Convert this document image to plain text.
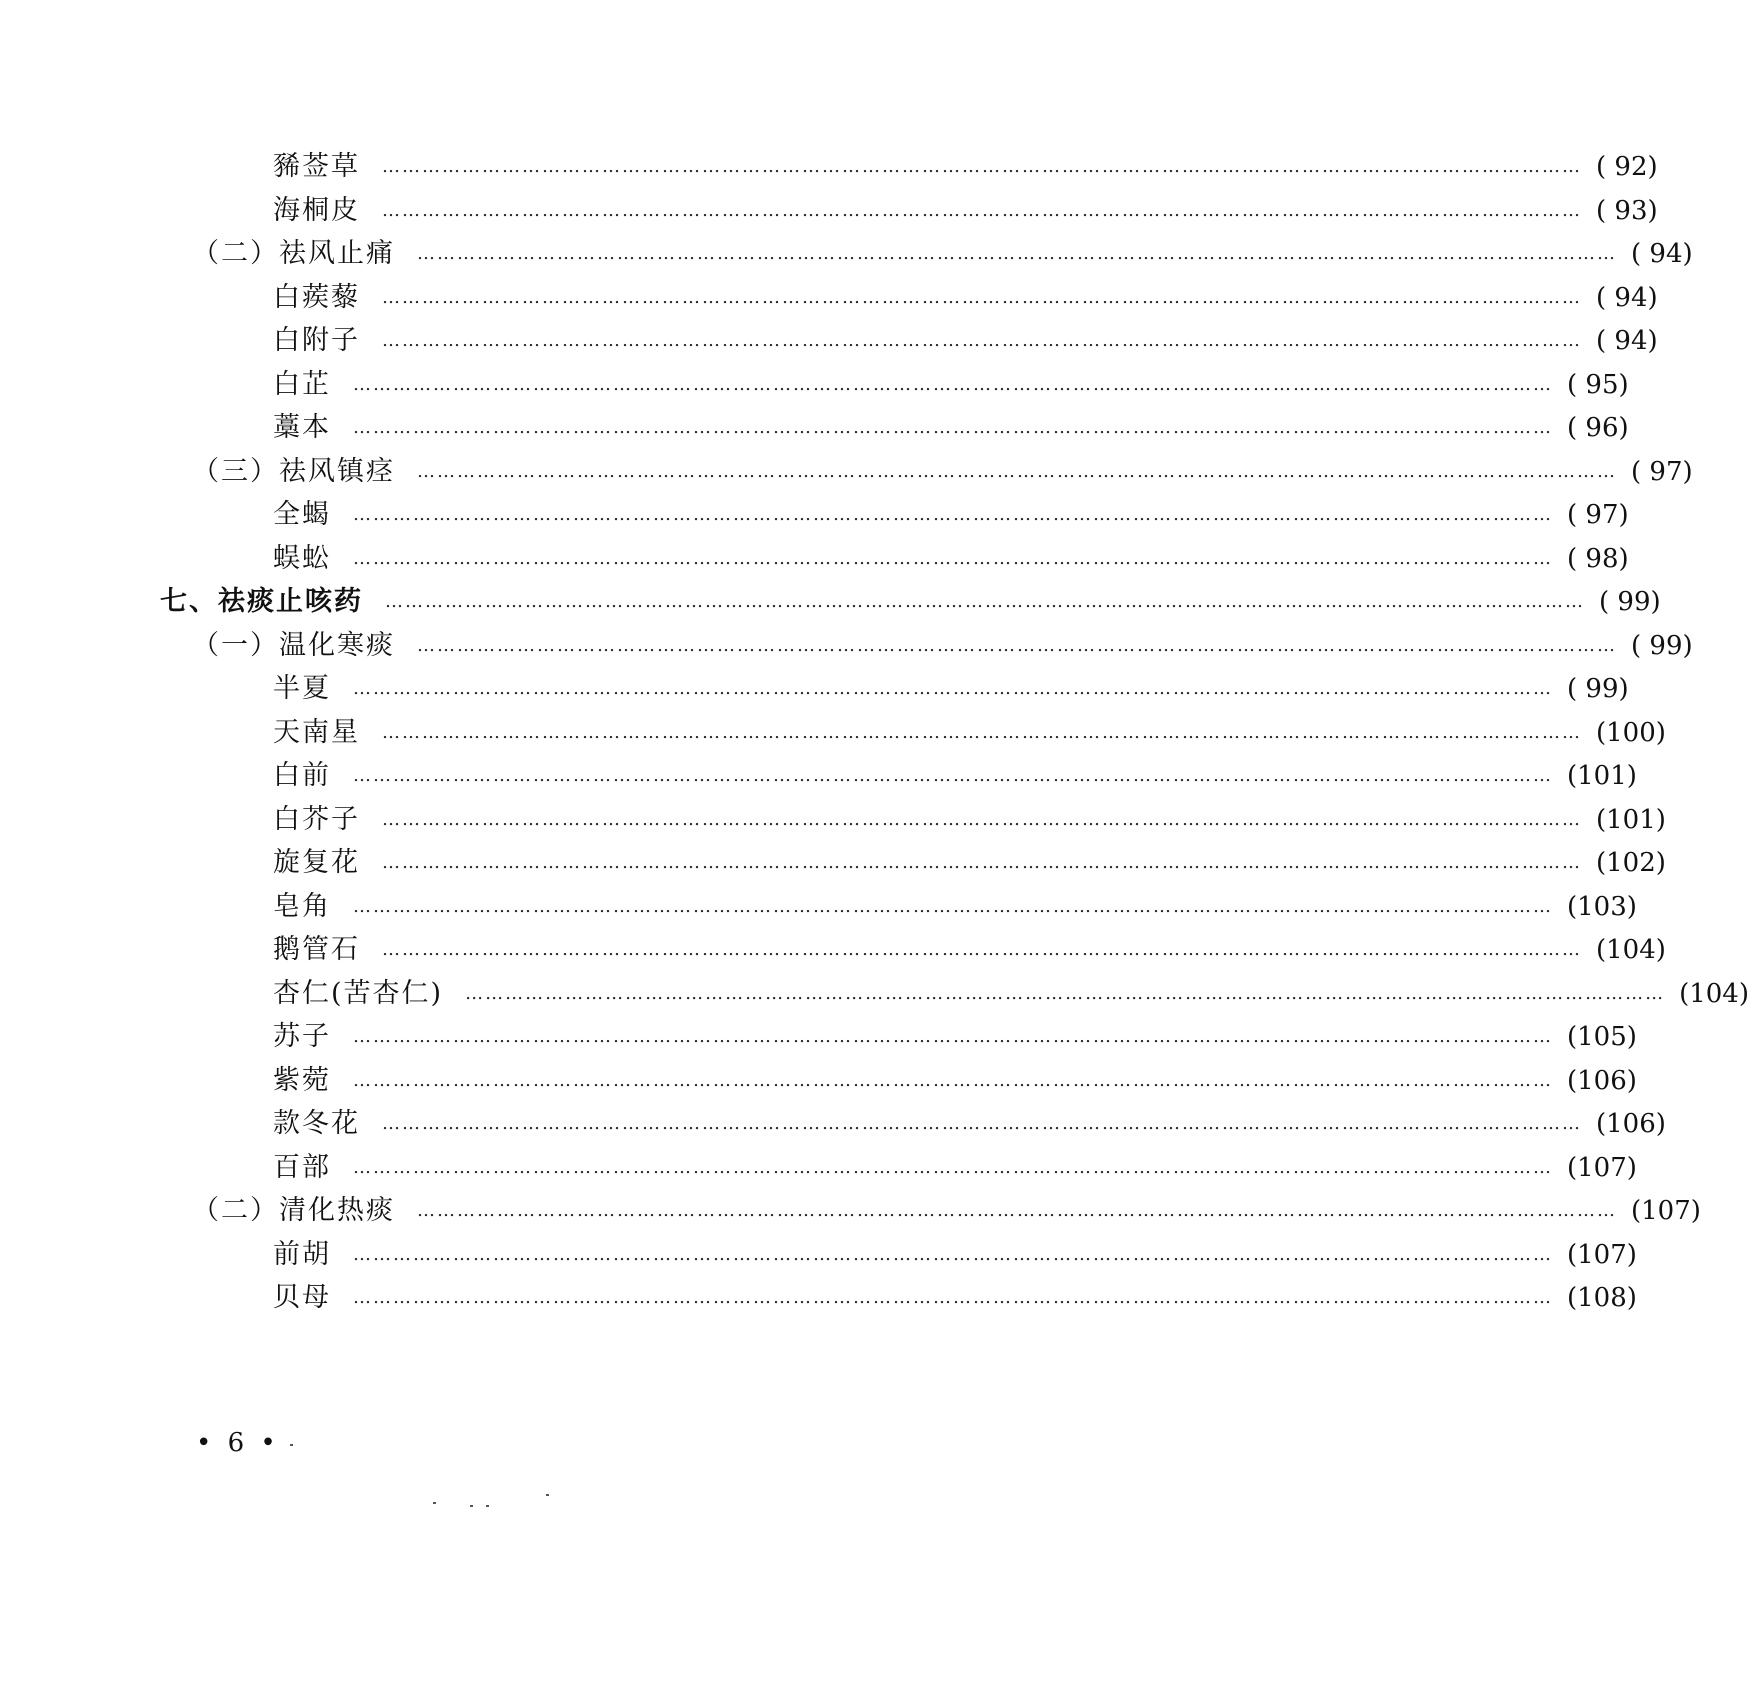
豨莶草 ……………………………………………………………………………………………………………………………………………………………… ( 92)
海桐皮 ……………………………………………………………………………………………………………………………………………………………… ( 93)
（二）祛风止痛 ……………………………………………………………………………………………………………………………………………………………… ( 94)
白蒺藜 ……………………………………………………………………………………………………………………………………………………………… ( 94)
白附子 ……………………………………………………………………………………………………………………………………………………………… ( 94)
白芷 ……………………………………………………………………………………………………………………………………………………………… ( 95)
藁本 ……………………………………………………………………………………………………………………………………………………………… ( 96)
（三）祛风镇痉 ……………………………………………………………………………………………………………………………………………………………… ( 97)
全蝎 ……………………………………………………………………………………………………………………………………………………………… ( 97)
蜈蚣 ……………………………………………………………………………………………………………………………………………………………… ( 98)
七、祛痰止咳药 ……………………………………………………………………………………………………………………………………………………………… ( 99)
（一）温化寒痰 ……………………………………………………………………………………………………………………………………………………………… ( 99)
半夏 ……………………………………………………………………………………………………………………………………………………………… ( 99)
天南星 ……………………………………………………………………………………………………………………………………………………………… (100)
白前 ……………………………………………………………………………………………………………………………………………………………… (101)
白芥子 ……………………………………………………………………………………………………………………………………………………………… (101)
旋复花 ……………………………………………………………………………………………………………………………………………………………… (102)
皂角 ……………………………………………………………………………………………………………………………………………………………… (103)
鹅管石 ……………………………………………………………………………………………………………………………………………………………… (104)
杏仁(苦杏仁) ……………………………………………………………………………………………………………………………………………………………… (104)
苏子 ……………………………………………………………………………………………………………………………………………………………… (105)
紫菀 ……………………………………………………………………………………………………………………………………………………………… (106)
款冬花 ……………………………………………………………………………………………………………………………………………………………… (106)
百部 ……………………………………………………………………………………………………………………………………………………………… (107)
（二）清化热痰 ……………………………………………………………………………………………………………………………………………………………… (107)
前胡 ……………………………………………………………………………………………………………………………………………………………… (107)
贝母 ……………………………………………………………………………………………………………………………………………………………… (108)
• 6 •
